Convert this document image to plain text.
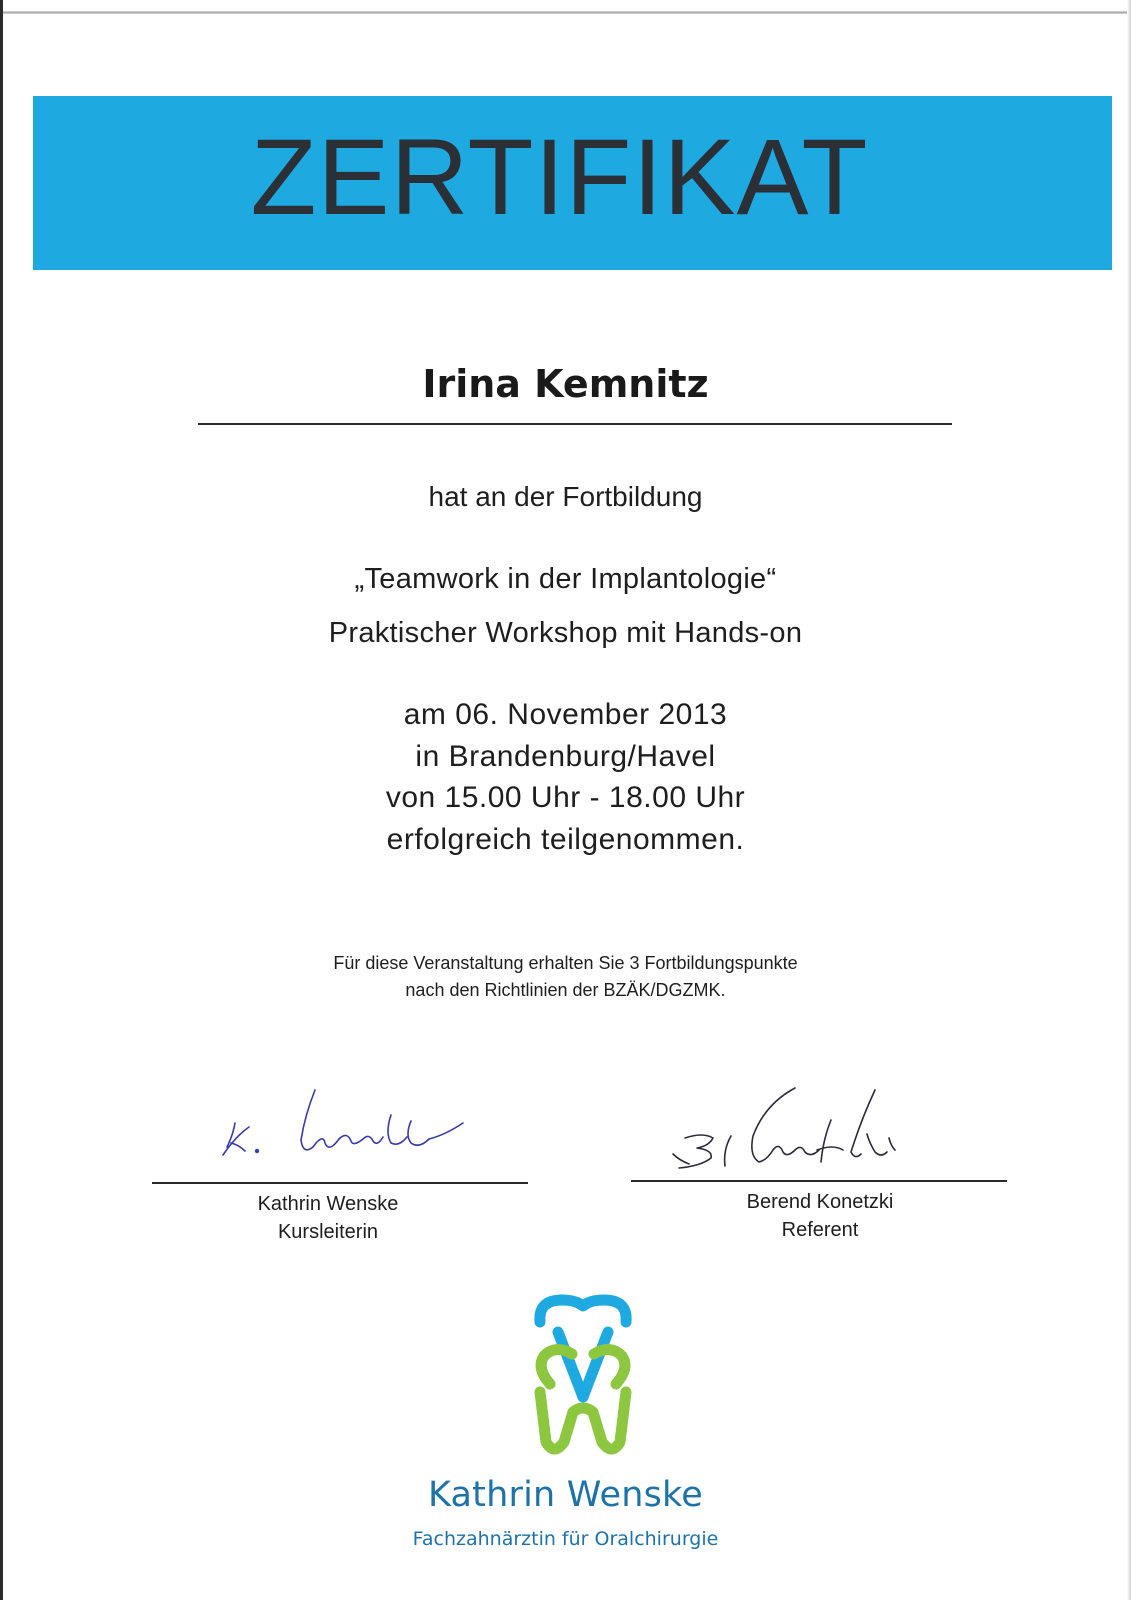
ZERTIFIKAT
Irina Kemnitz
hat an der Fortbildung
„Teamwork in der Implantologie“
Praktischer Workshop mit Hands-on
am 06. November 2013
in Brandenburg/Havel
von 15.00 Uhr - 18.00 Uhr
erfolgreich teilgenommen.
Für diese Veranstaltung erhalten Sie 3 Fortbildungspunkte
nach den Richtlinien der BZÄK/DGZMK.
Kathrin Wenske
Kursleiterin
Berend Konetzki
Referent
Kathrin Wenske
Fachzahnärztin für Oralchirurgie
